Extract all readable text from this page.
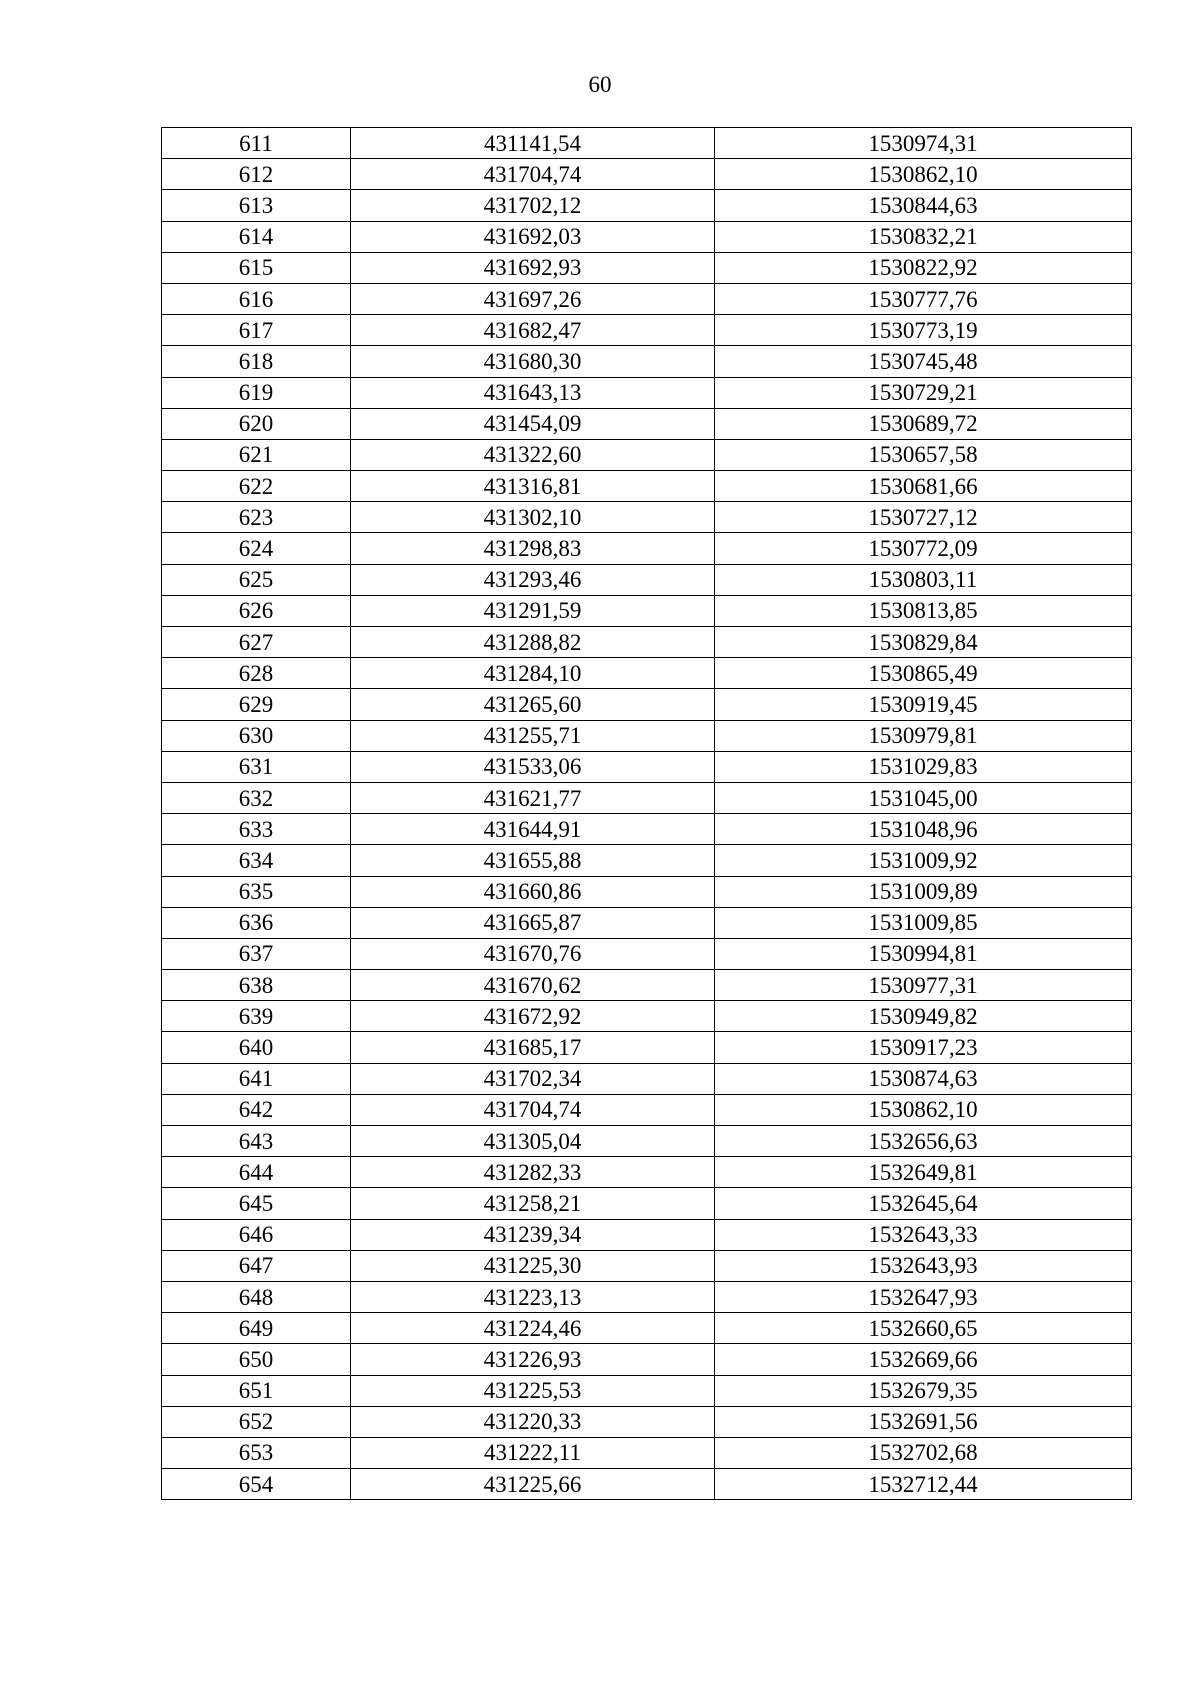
60
611	431141,54	1530974,31
612	431704,74	1530862,10
613	431702,12	1530844,63
614	431692,03	1530832,21
615	431692,93	1530822,92
616	431697,26	1530777,76
617	431682,47	1530773,19
618	431680,30	1530745,48
619	431643,13	1530729,21
620	431454,09	1530689,72
621	431322,60	1530657,58
622	431316,81	1530681,66
623	431302,10	1530727,12
624	431298,83	1530772,09
625	431293,46	1530803,11
626	431291,59	1530813,85
627	431288,82	1530829,84
628	431284,10	1530865,49
629	431265,60	1530919,45
630	431255,71	1530979,81
631	431533,06	1531029,83
632	431621,77	1531045,00
633	431644,91	1531048,96
634	431655,88	1531009,92
635	431660,86	1531009,89
636	431665,87	1531009,85
637	431670,76	1530994,81
638	431670,62	1530977,31
639	431672,92	1530949,82
640	431685,17	1530917,23
641	431702,34	1530874,63
642	431704,74	1530862,10
643	431305,04	1532656,63
644	431282,33	1532649,81
645	431258,21	1532645,64
646	431239,34	1532643,33
647	431225,30	1532643,93
648	431223,13	1532647,93
649	431224,46	1532660,65
650	431226,93	1532669,66
651	431225,53	1532679,35
652	431220,33	1532691,56
653	431222,11	1532702,68
654	431225,66	1532712,44
